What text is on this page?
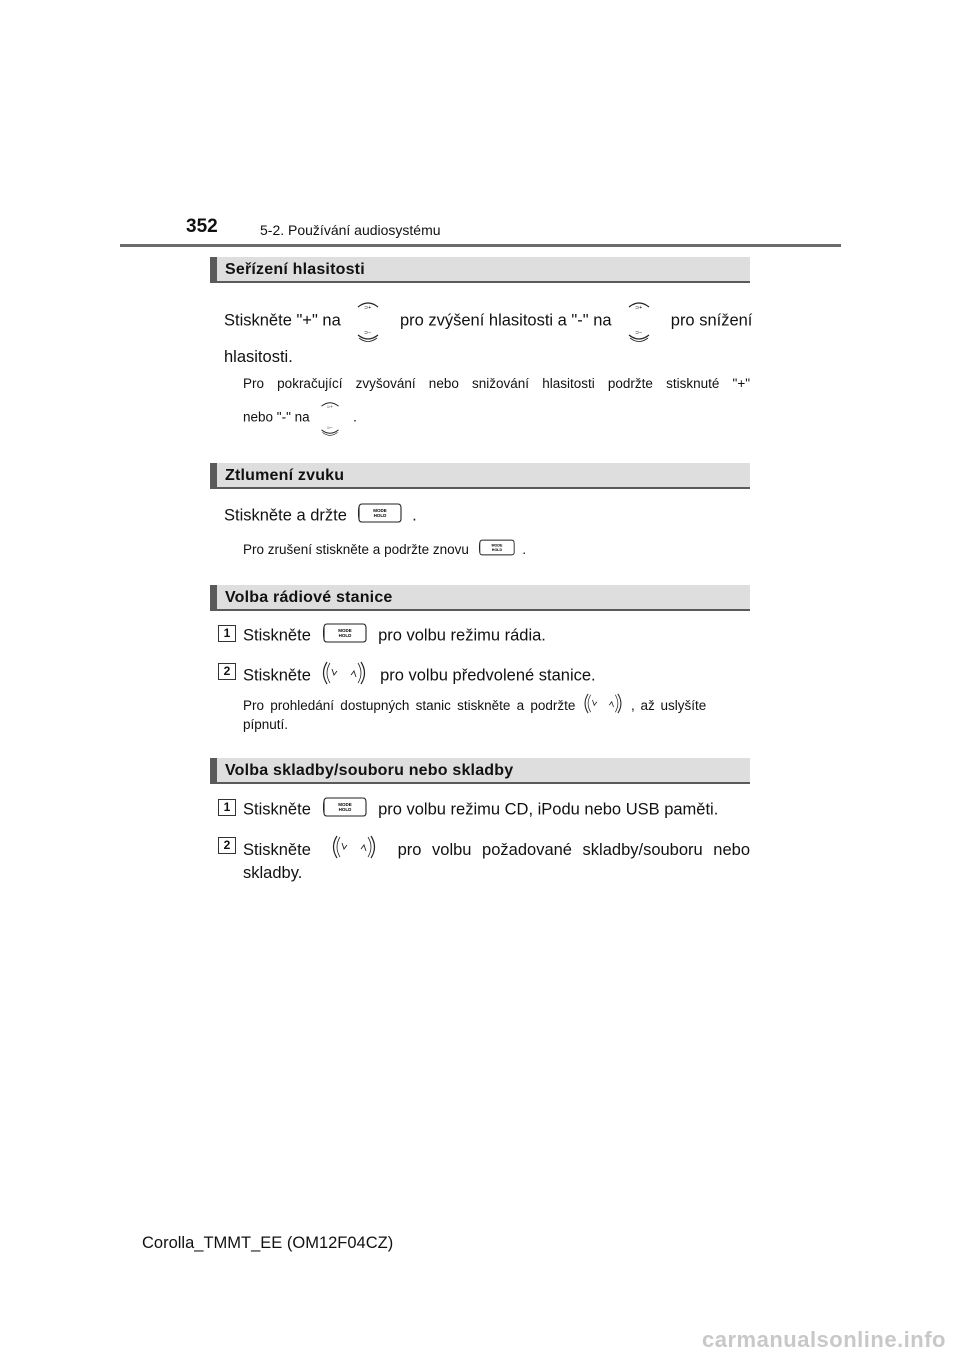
352	5-2. Používání audiosystému
Seřízení hlasitosti
Stiskněte "+" na
⊃+
⊃−
pro zvýšení hlasitosti a "-" na
⊃+
⊃−
pro snížení
hlasitosti.
Pro pokračující zvyšování nebo snižování hlasitosti podržte stisknuté "+"
nebo "-" na
⊃+
⊃−
.
Ztlumení zvuku
Stiskněte a držte	MODE
HOLD .
Pro zrušení stiskněte a podržte znovu	MODE
HOLD .
Volba rádiové stanice
1 Stiskněte	MODE
HOLD pro volbu režimu rádia.
2 Stiskněte	pro volbu předvolené stanice.
Pro prohledání dostupných stanic stiskněte a podržte	, až uslyšíte
pípnutí.
Volba skladby/souboru nebo skladby
1 Stiskněte	MODE
HOLD pro volbu režimu CD, iPodu nebo USB paměti.
2 Stiskněte	pro volbu požadované skladby/souboru nebo
skladby.
Corolla_TMMT_EE (OM12F04CZ)
carmanualsonline.info
